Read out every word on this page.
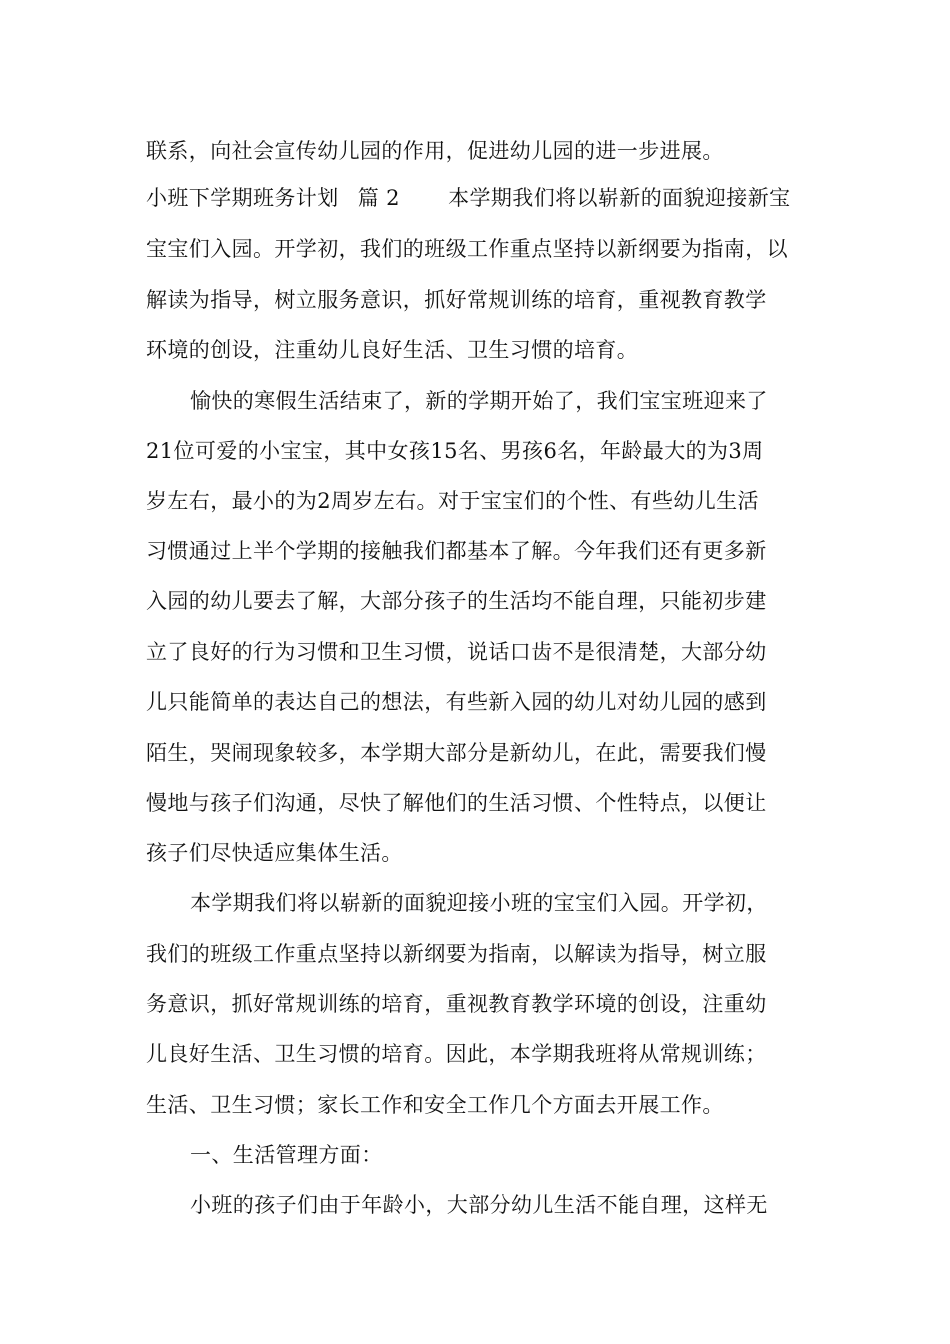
联系，向社会宣传幼儿园的作用，促进幼儿园的进一步进展。
小班下学期班务计划 篇 2 本学期我们将以崭新的面貌迎接新宝
宝宝们入园。开学初，我们的班级工作重点坚持以新纲要为指南，以
解读为指导，树立服务意识，抓好常规训练的培育，重视教育教学
环境的创设，注重幼儿良好生活、卫生习惯的培育。
愉快的寒假生活结束了，新的学期开始了，我们宝宝班迎来了
21位可爱的小宝宝，其中女孩15名、男孩6名，年龄最大的为3周
岁左右，最小的为2周岁左右。对于宝宝们的个性、有些幼儿生活
习惯通过上半个学期的接触我们都基本了解。今年我们还有更多新
入园的幼儿要去了解，大部分孩子的生活均不能自理，只能初步建
立了良好的行为习惯和卫生习惯，说话口齿不是很清楚，大部分幼
儿只能简单的表达自己的想法，有些新入园的幼儿对幼儿园的感到
陌生，哭闹现象较多，本学期大部分是新幼儿，在此，需要我们慢
慢地与孩子们沟通，尽快了解他们的生活习惯、个性特点，以便让
孩子们尽快适应集体生活。
本学期我们将以崭新的面貌迎接小班的宝宝们入园。开学初，
我们的班级工作重点坚持以新纲要为指南，以解读为指导，树立服
务意识，抓好常规训练的培育，重视教育教学环境的创设，注重幼
儿良好生活、卫生习惯的培育。因此，本学期我班将从常规训练；
生活、卫生习惯；家长工作和安全工作几个方面去开展工作。
一、生活管理方面：
小班的孩子们由于年龄小，大部分幼儿生活不能自理，这样无
